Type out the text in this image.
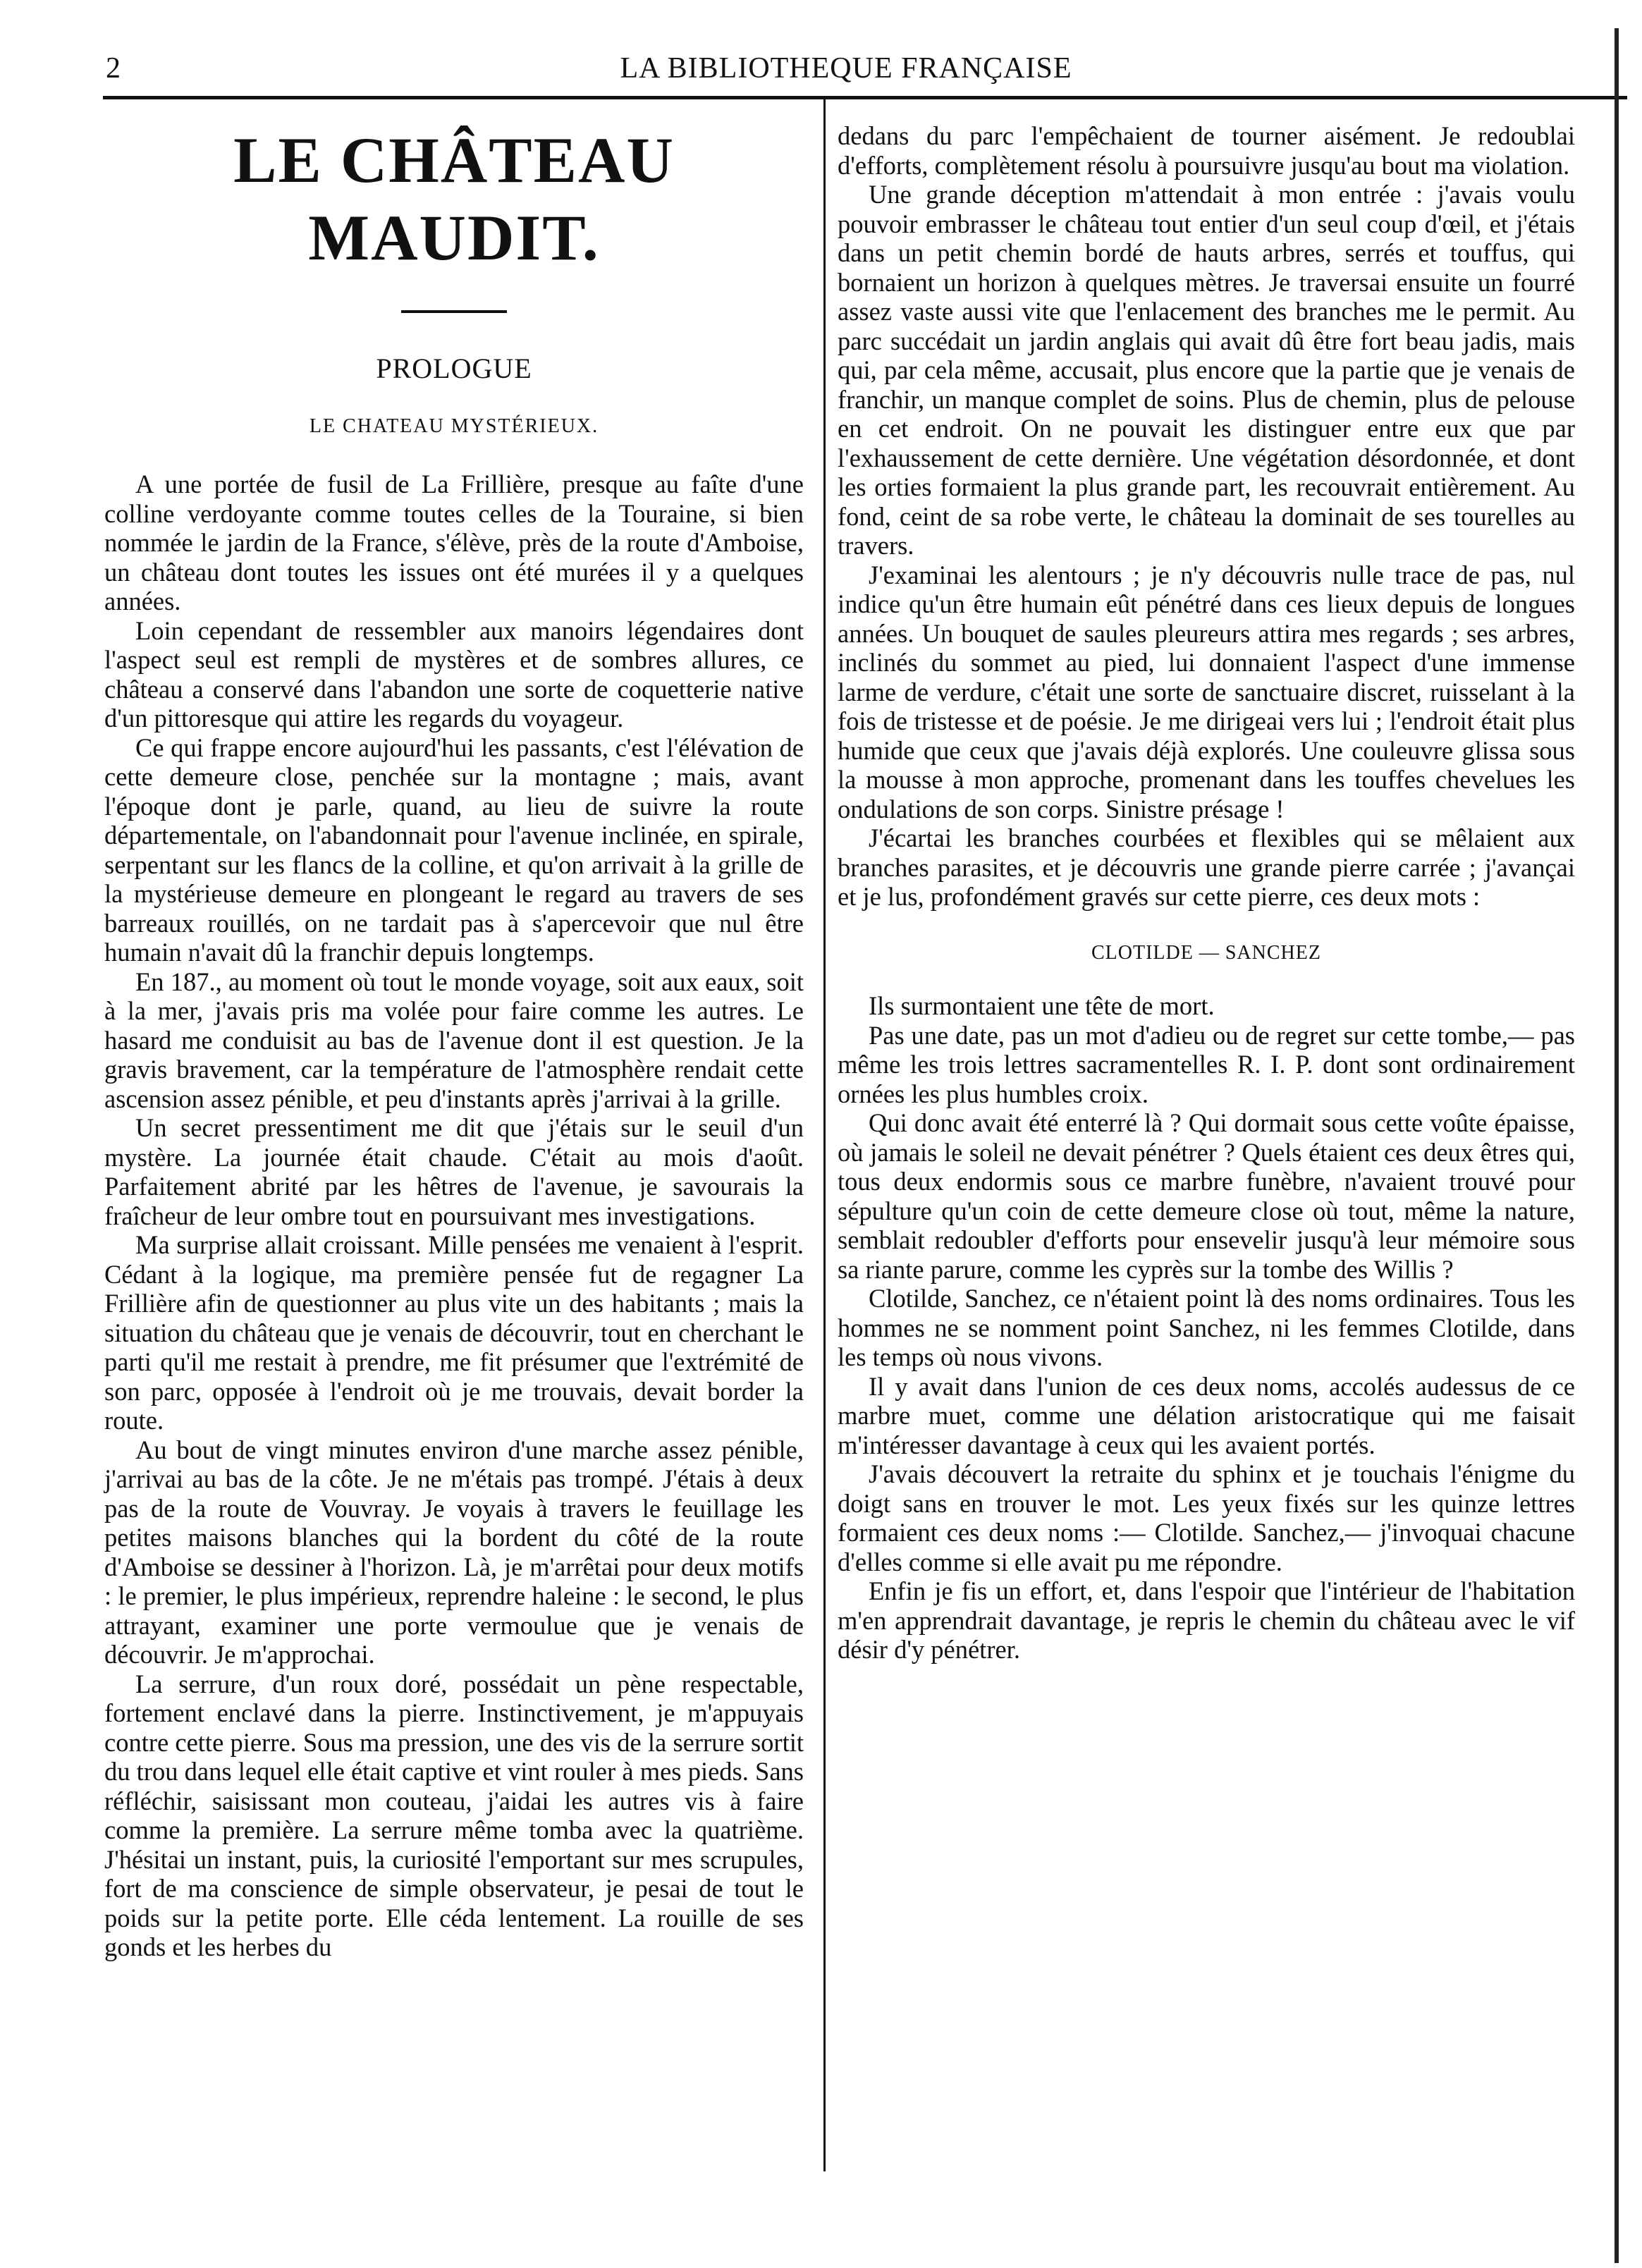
2	LA BIBLIOTHEQUE FRANÇAISE
LE CHÂTEAU MAUDIT.
PROLOGUE
LE CHATEAU MYSTÉRIEUX.

A une portée de fusil de La Frillière, presque au faîte d'une colline verdoyante comme toutes celles de la Touraine, si bien nommée le jardin de la France, s'élève, près de la route d'Amboise, un château dont toutes les issues ont été murées il y a quelques années.

Loin cependant de ressembler aux manoirs légendaires dont l'aspect seul est rempli de mystères et de sombres allures, ce château a conservé dans l'abandon une sorte de coquetterie native d'un pittoresque qui attire les regards du voyageur.

Ce qui frappe encore aujourd'hui les passants, c'est l'élévation de cette demeure close, penchée sur la montagne ; mais, avant l'époque dont je parle, quand, au lieu de suivre la route départementale, on l'abandonnait pour l'avenue inclinée, en spirale, serpentant sur les flancs de la colline, et qu'on arrivait à la grille de la mystérieuse demeure en plongeant le regard au travers de ses barreaux rouillés, on ne tardait pas à s'apercevoir que nul être humain n'avait dû la franchir depuis longtemps.

En 187., au moment où tout le monde voyage, soit aux eaux, soit à la mer, j'avais pris ma volée pour faire comme les autres. Le hasard me conduisit au bas de l'avenue dont il est question. Je la gravis bravement, car la température de l'atmosphère rendait cette ascension assez pénible, et peu d'instants après j'arrivai à la grille.

Un secret pressentiment me dit que j'étais sur le seuil d'un mystère. La journée était chaude. C'était au mois d'août. Parfaitement abrité par les hêtres de l'avenue, je savourais la fraîcheur de leur ombre tout en poursuivant mes investigations.

Ma surprise allait croissant. Mille pensées me venaient à l'esprit. Cédant à la logique, ma première pensée fut de regagner La Frillière afin de questionner au plus vite un des habitants ; mais la situation du château que je venais de découvrir, tout en cherchant le parti qu'il me restait à prendre, me fit présumer que l'extrémité de son parc, opposée à l'endroit où je me trouvais, devait border la route.

Au bout de vingt minutes environ d'une marche assez pénible, j'arrivai au bas de la côte. Je ne m'étais pas trompé. J'étais à deux pas de la route de Vouvray. Je voyais à travers le feuillage les petites maisons blanches qui la bordent du côté de la route d'Amboise se dessiner à l'horizon. Là, je m'arrêtai pour deux motifs : le premier, le plus impérieux, reprendre haleine : le second, le plus attrayant, examiner une porte vermoulue que je venais de découvrir. Je m'approchai.

La serrure, d'un roux doré, possédait un pène respectable, fortement enclavé dans la pierre. Instinctivement, je m'appuyais contre cette pierre. Sous ma pression, une des vis de la serrure sortit du trou dans lequel elle était captive et vint rouler à mes pieds. Sans réfléchir, saisissant mon couteau, j'aidai les autres vis à faire comme la première. La serrure même tomba avec la quatrième. J'hésitai un instant, puis, la curiosité l'emportant sur mes scrupules, fort de ma conscience de simple observateur, je pesai de tout le poids sur la petite porte. Elle céda lentement. La rouille de ses gonds et les herbes du

dedans du parc l'empêchaient de tourner aisément. Je redoublai d'efforts, complètement résolu à poursuivre jusqu'au bout ma violation.

Une grande déception m'attendait à mon entrée : j'avais voulu pouvoir embrasser le château tout entier d'un seul coup d'œil, et j'étais dans un petit chemin bordé de hauts arbres, serrés et touffus, qui bornaient un horizon à quelques mètres. Je traversai ensuite un fourré assez vaste aussi vite que l'enlacement des branches me le permit. Au parc succédait un jardin anglais qui avait dû être fort beau jadis, mais qui, par cela même, accusait, plus encore que la partie que je venais de franchir, un manque complet de soins. Plus de chemin, plus de pelouse en cet endroit. On ne pouvait les distinguer entre eux que par l'exhaussement de cette dernière. Une végétation désordonnée, et dont les orties formaient la plus grande part, les recouvrait entièrement. Au fond, ceint de sa robe verte, le château la dominait de ses tourelles au travers.

J'examinai les alentours ; je n'y découvris nulle trace de pas, nul indice qu'un être humain eût pénétré dans ces lieux depuis de longues années. Un bouquet de saules pleureurs attira mes regards ; ses arbres, inclinés du sommet au pied, lui donnaient l'aspect d'une immense larme de verdure, c'était une sorte de sanctuaire discret, ruisselant à la fois de tristesse et de poésie. Je me dirigeai vers lui ; l'endroit était plus humide que ceux que j'avais déjà explorés. Une couleuvre glissa sous la mousse à mon approche, promenant dans les touffes chevelues les ondulations de son corps. Sinistre présage !

J'écartai les branches courbées et flexibles qui se mêlaient aux branches parasites, et je découvris une grande pierre carrée ; j'avançai et je lus, profondément gravés sur cette pierre, ces deux mots :

CLOTILDE — SANCHEZ

Ils surmontaient une tête de mort.

Pas une date, pas un mot d'adieu ou de regret sur cette tombe,— pas même les trois lettres sacramentelles R. I. P. dont sont ordinairement ornées les plus humbles croix.

Qui donc avait été enterré là ? Qui dormait sous cette voûte épaisse, où jamais le soleil ne devait pénétrer ? Quels étaient ces deux êtres qui, tous deux endormis sous ce marbre funèbre, n'avaient trouvé pour sépulture qu'un coin de cette demeure close où tout, même la nature, semblait redoubler d'efforts pour ensevelir jusqu'à leur mémoire sous sa riante parure, comme les cyprès sur la tombe des Willis ?

Clotilde, Sanchez, ce n'étaient point là des noms ordinaires. Tous les hommes ne se nomment point Sanchez, ni les femmes Clotilde, dans les temps où nous vivons.

Il y avait dans l'union de ces deux noms, accolés audessus de ce marbre muet, comme une délation aristocratique qui me faisait m'intéresser davantage à ceux qui les avaient portés.

J'avais découvert la retraite du sphinx et je touchais l'énigme du doigt sans en trouver le mot. Les yeux fixés sur les quinze lettres formaient ces deux noms :— Clotilde. Sanchez,— j'invoquai chacune d'elles comme si elle avait pu me répondre.

Enfin je fis un effort, et, dans l'espoir que l'intérieur de l'habitation m'en apprendrait davantage, je repris le chemin du château avec le vif désir d'y pénétrer.
